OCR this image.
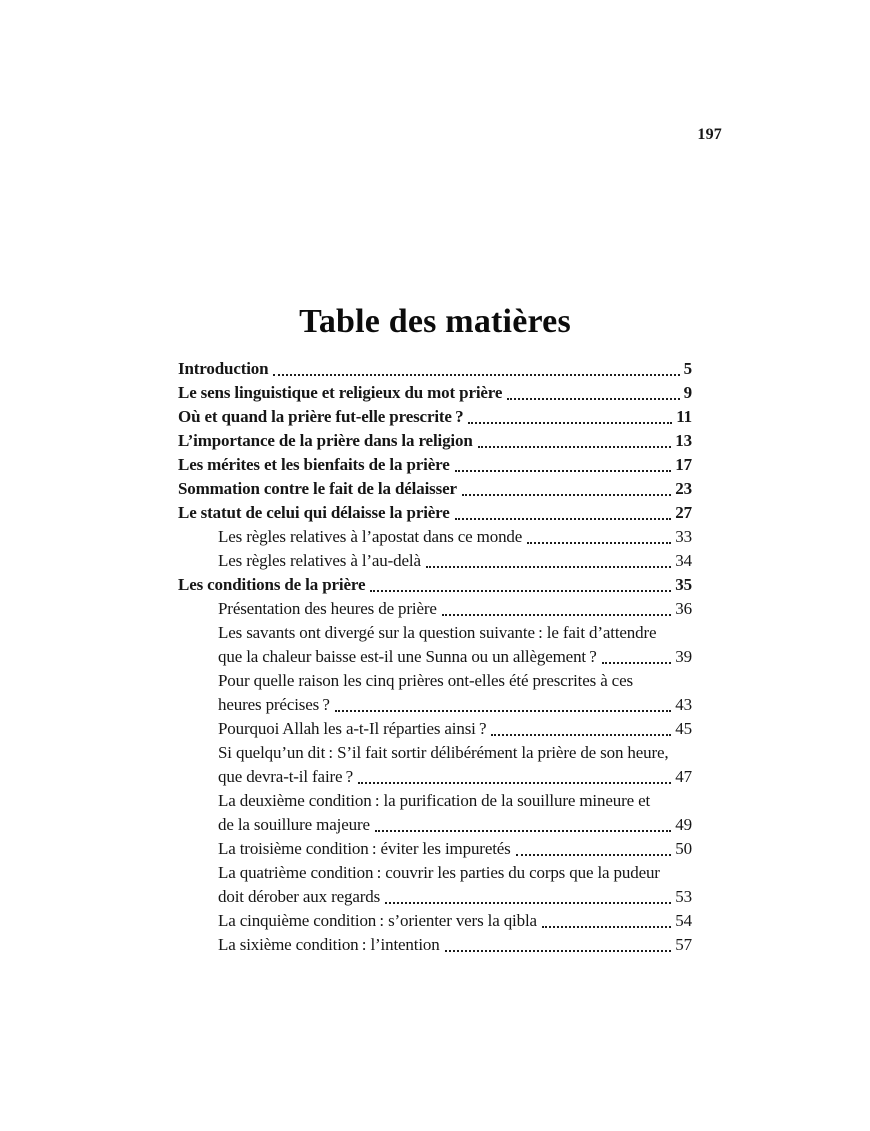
197
Table des matières
Introduction	5
Le sens linguistique et religieux du mot prière	9
Où et quand la prière fut-elle prescrite ?	11
L’importance de la prière dans la religion	13
Les mérites et les bienfaits de la prière	17
Sommation contre le fait de la délaisser	23
Le statut de celui qui délaisse la prière	27
Les règles relatives à l’apostat dans ce monde	33
Les règles relatives à l’au-delà	34
Les conditions de la prière	35
Présentation des heures de prière	36
Les savants ont divergé sur la question suivante : le fait d’attendre
que la chaleur baisse est-il une Sunna ou un allègement ?	39
Pour quelle raison les cinq prières ont-elles été prescrites à ces
heures précises ?	43
Pourquoi Allah les a-t-Il réparties ainsi ?	45
Si quelqu’un dit : S’il fait sortir délibérément la prière de son heure,
que devra-t-il faire ?	47
La deuxième condition : la purification de la souillure mineure et
de la souillure majeure	49
La troisième condition : éviter les impuretés	50
La quatrième condition : couvrir les parties du corps que la pudeur
doit dérober aux regards	53
La cinquième condition : s’orienter vers la qibla	54
La sixième condition : l’intention	57
